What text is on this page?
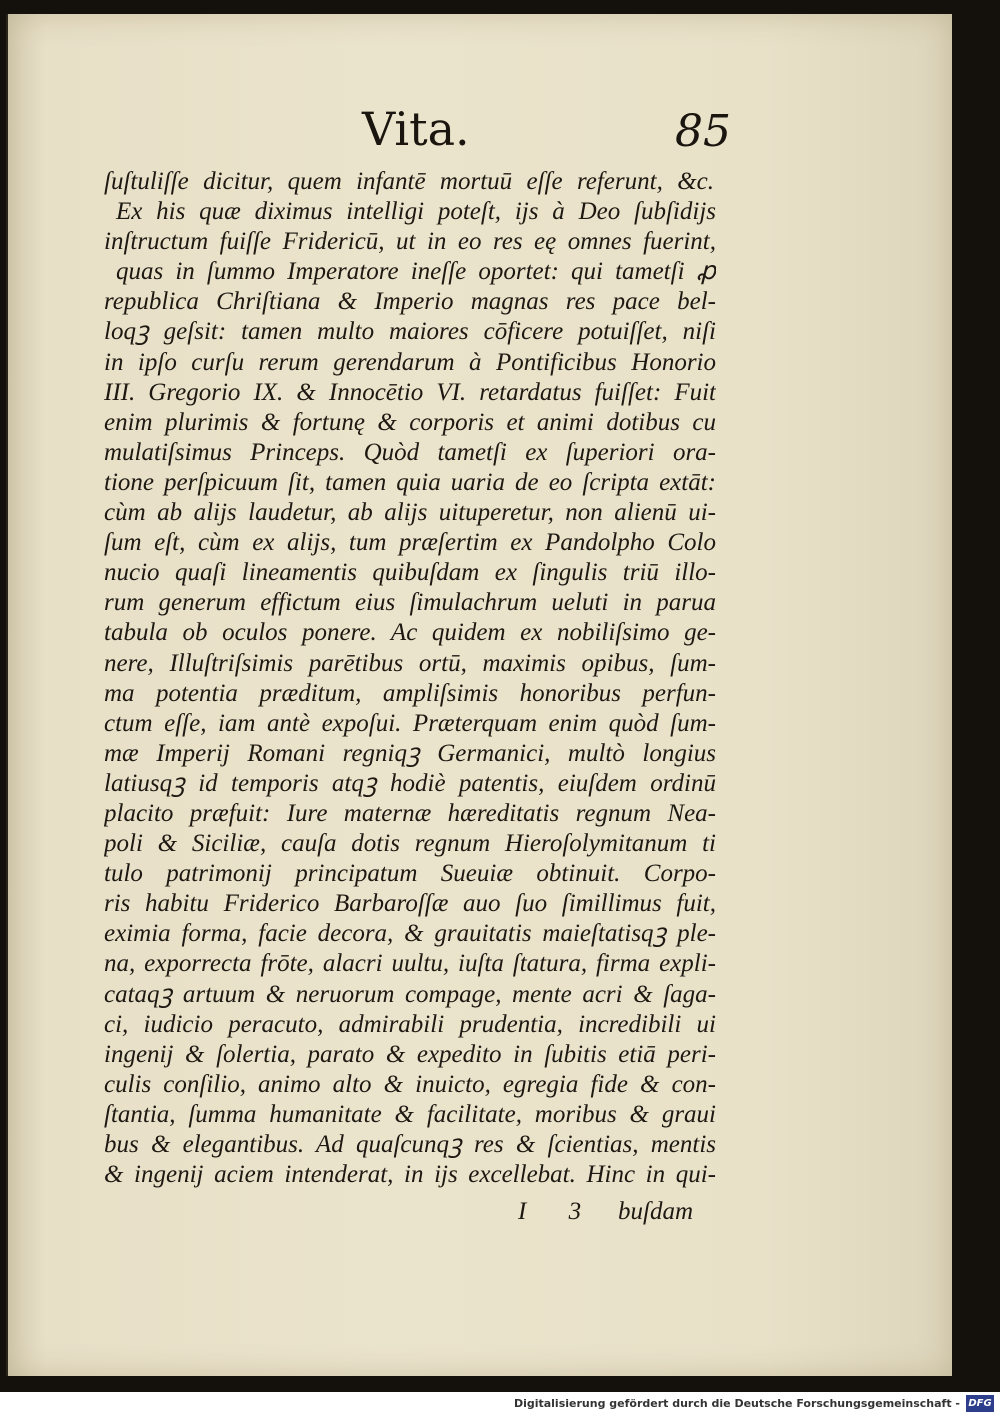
Vita.	85
ſuſtuliſſe dicitur, quem infantē mortuū eſſe referunt, &c.
Ex his quæ diximus intelligi poteſt, ijs à Deo ſubſidijs
inſtructum fuiſſe Fridericū, ut in eo res eę omnes fuerint,
quas in ſummo Imperatore ineſſe oportet: qui tametſi ꝓ
republica Chriſtiana & Imperio magnas res pace bel-
loqꝫ geſsit: tamen multo maiores cōficere potuiſſet, niſi
in ipſo curſu rerum gerendarum à Pontificibus Honorio
III. Gregorio IX. & Innocētio VI. retardatus fuiſſet: Fuit
enim plurimis & fortunę & corporis et animi dotibus cu
mulatiſsimus Princeps. Quòd tametſi ex ſuperiori ora-
tione perſpicuum ſit, tamen quia uaria de eo ſcripta extāt:
cùm ab alijs laudetur, ab alijs uituperetur, non alienū ui-
ſum eſt, cùm ex alijs, tum præſertim ex Pandolpho Colo
nucio quaſi lineamentis quibuſdam ex ſingulis triū illo-
rum generum effictum eius ſimulachrum ueluti in parua
tabula ob oculos ponere. Ac quidem ex nobiliſsimo ge-
nere, Illuſtriſsimis parētibus ortū, maximis opibus, ſum-
ma potentia præditum, ampliſsimis honoribus perfun-
ctum eſſe, iam antè expoſui. Præterquam enim quòd ſum-
mæ Imperij Romani regniqꝫ Germanici, multò longius
latiusqꝫ id temporis atqꝫ hodiè patentis, eiuſdem ordinū
placito præfuit: Iure maternæ hæreditatis regnum Nea-
poli & Siciliæ, cauſa dotis regnum Hieroſolymitanum ti
tulo patrimonij principatum Sueuiæ obtinuit. Corpo-
ris habitu Friderico Barbaroſſæ auo ſuo ſimillimus fuit,
eximia forma, facie decora, & grauitatis maieſtatisqꝫ ple-
na, exporrecta frōte, alacri uultu, iuſta ſtatura, firma expli-
cataqꝫ artuum & neruorum compage, mente acri & ſaga-
ci, iudicio peracuto, admirabili prudentia, incredibili ui
ingenij & ſolertia, parato & expedito in ſubitis etiā peri-
culis conſilio, animo alto & inuicto, egregia fide & con-
ſtantia, ſumma humanitate & facilitate, moribus & graui
bus & elegantibus. Ad quaſcunqꝫ res & ſcientias, mentis
& ingenij aciem intenderat, in ijs excellebat. Hinc in qui-
I 3 buſdam
Digitalisierung gefördert durch die Deutsche Forschungsgemeinschaft - DFG
